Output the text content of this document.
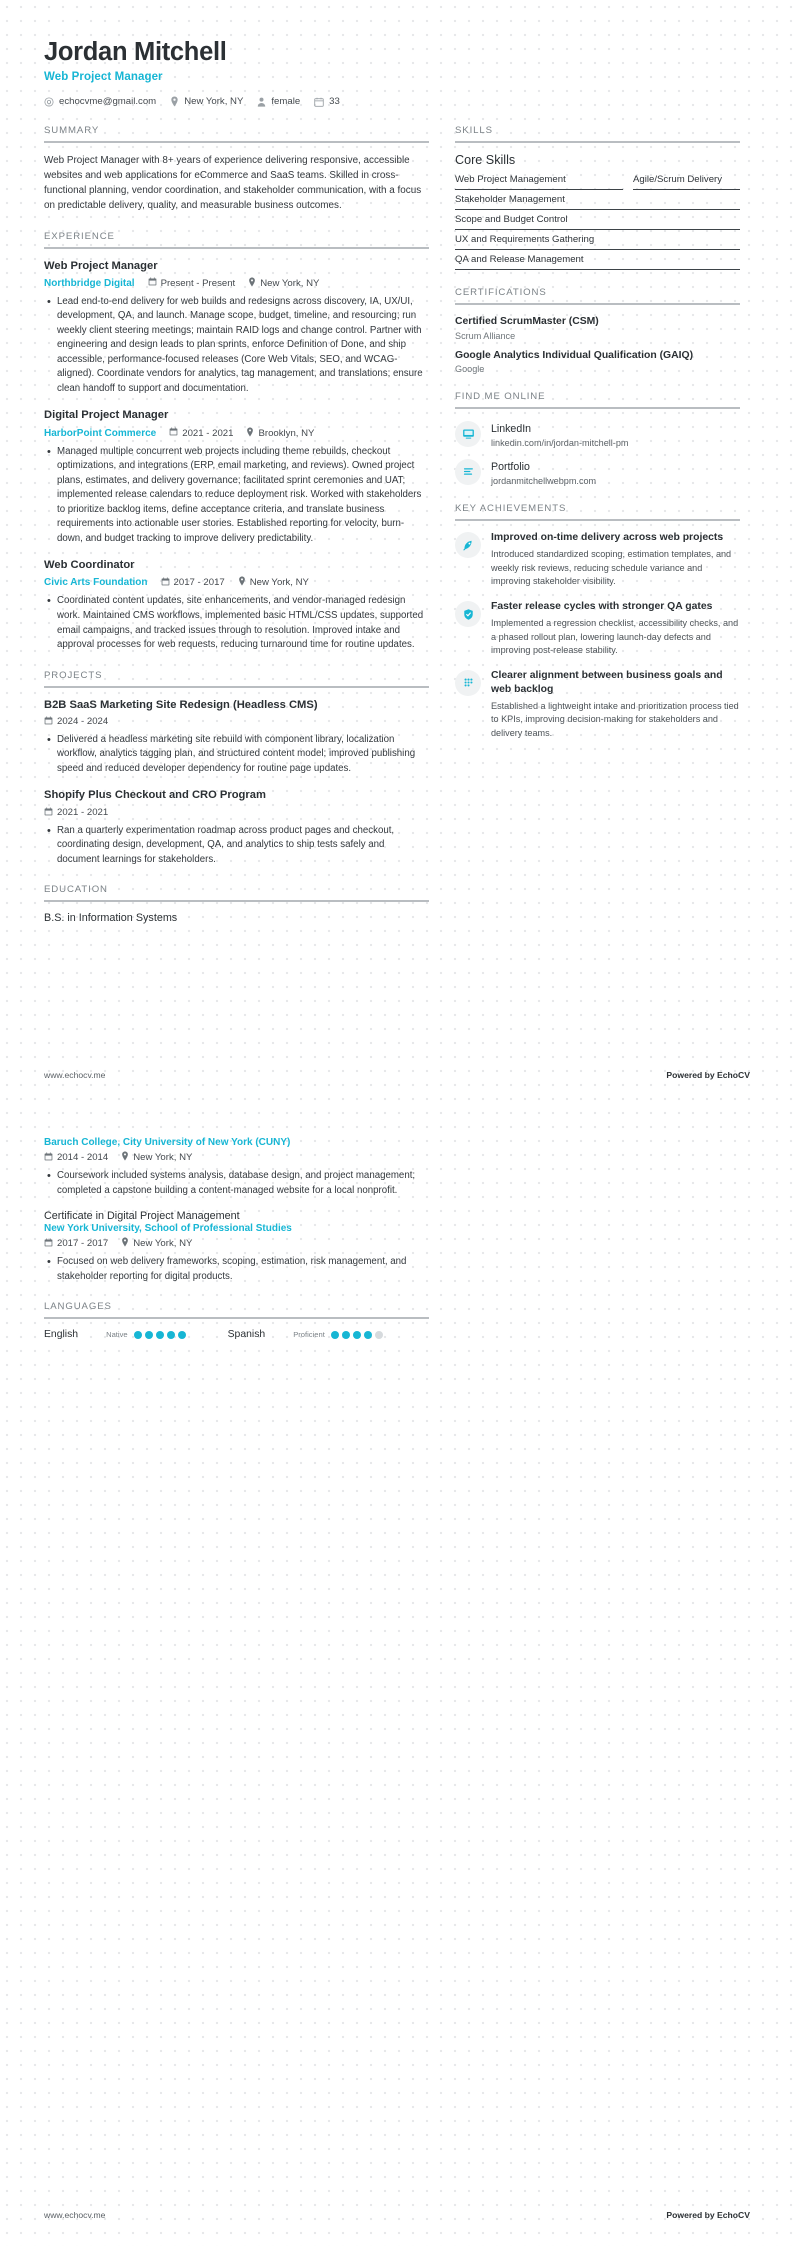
Jordan Mitchell
Web Project Manager
echocvme@gmail.com	New York, NY	female	33
SUMMARY
Web Project Manager with 8+ years of experience delivering responsive, accessible websites and web applications for eCommerce and SaaS teams. Skilled in cross-functional planning, vendor coordination, and stakeholder communication, with a focus on predictable delivery, quality, and measurable business outcomes.
EXPERIENCE
Web Project Manager
Northbridge Digital	Present - Present	New York, NY
• Lead end-to-end delivery for web builds and redesigns across discovery, IA, UX/UI, development, QA, and launch. Manage scope, budget, timeline, and resourcing; run weekly client steering meetings; maintain RAID logs and change control. Partner with engineering and design leads to plan sprints, enforce Definition of Done, and ship accessible, performance-focused releases (Core Web Vitals, SEO, and WCAG-aligned). Coordinate vendors for analytics, tag management, and translations; ensure clean handoff to support and documentation.
Digital Project Manager
HarborPoint Commerce	2021 - 2021	Brooklyn, NY
• Managed multiple concurrent web projects including theme rebuilds, checkout optimizations, and integrations (ERP, email marketing, and reviews). Owned project plans, estimates, and delivery governance; facilitated sprint ceremonies and UAT; implemented release calendars to reduce deployment risk. Worked with stakeholders to prioritize backlog items, define acceptance criteria, and translate business requirements into actionable user stories. Established reporting for velocity, burn-down, and budget tracking to improve delivery predictability.
Web Coordinator
Civic Arts Foundation	2017 - 2017	New York, NY
• Coordinated content updates, site enhancements, and vendor-managed redesign work. Maintained CMS workflows, implemented basic HTML/CSS updates, supported email campaigns, and tracked issues through to resolution. Improved intake and approval processes for web requests, reducing turnaround time for routine updates.
PROJECTS
B2B SaaS Marketing Site Redesign (Headless CMS)
2024 - 2024
• Delivered a headless marketing site rebuild with component library, localization workflow, analytics tagging plan, and structured content model; improved publishing speed and reduced developer dependency for routine page updates.
Shopify Plus Checkout and CRO Program
2021 - 2021
• Ran a quarterly experimentation roadmap across product pages and checkout, coordinating design, development, QA, and analytics to ship tests safely and document learnings for stakeholders.
EDUCATION
B.S. in Information Systems
SKILLS
Core Skills
Web Project Management	Agile/Scrum Delivery
Stakeholder Management
Scope and Budget Control
UX and Requirements Gathering
QA and Release Management
CERTIFICATIONS
Certified ScrumMaster (CSM)
Scrum Alliance
Google Analytics Individual Qualification (GAIQ)
Google
FIND ME ONLINE
LinkedIn
linkedin.com/in/jordan-mitchell-pm
Portfolio
jordanmitchellwebpm.com
KEY ACHIEVEMENTS
Improved on-time delivery across web projects
Introduced standardized scoping, estimation templates, and weekly risk reviews, reducing schedule variance and improving stakeholder visibility.
Faster release cycles with stronger QA gates
Implemented a regression checklist, accessibility checks, and a phased rollout plan, lowering launch-day defects and improving post-release stability.
Clearer alignment between business goals and web backlog
Established a lightweight intake and prioritization process tied to KPIs, improving decision-making for stakeholders and delivery teams.
www.echocv.me	Powered by EchoCV
Baruch College, City University of New York (CUNY)
2014 - 2014	New York, NY
• Coursework included systems analysis, database design, and project management; completed a capstone building a content-managed website for a local nonprofit.
Certificate in Digital Project Management
New York University, School of Professional Studies
2017 - 2017	New York, NY
• Focused on web delivery frameworks, scoping, estimation, risk management, and stakeholder reporting for digital products.
LANGUAGES
English	Native	Spanish	Proficient
www.echocv.me	Powered by EchoCV
